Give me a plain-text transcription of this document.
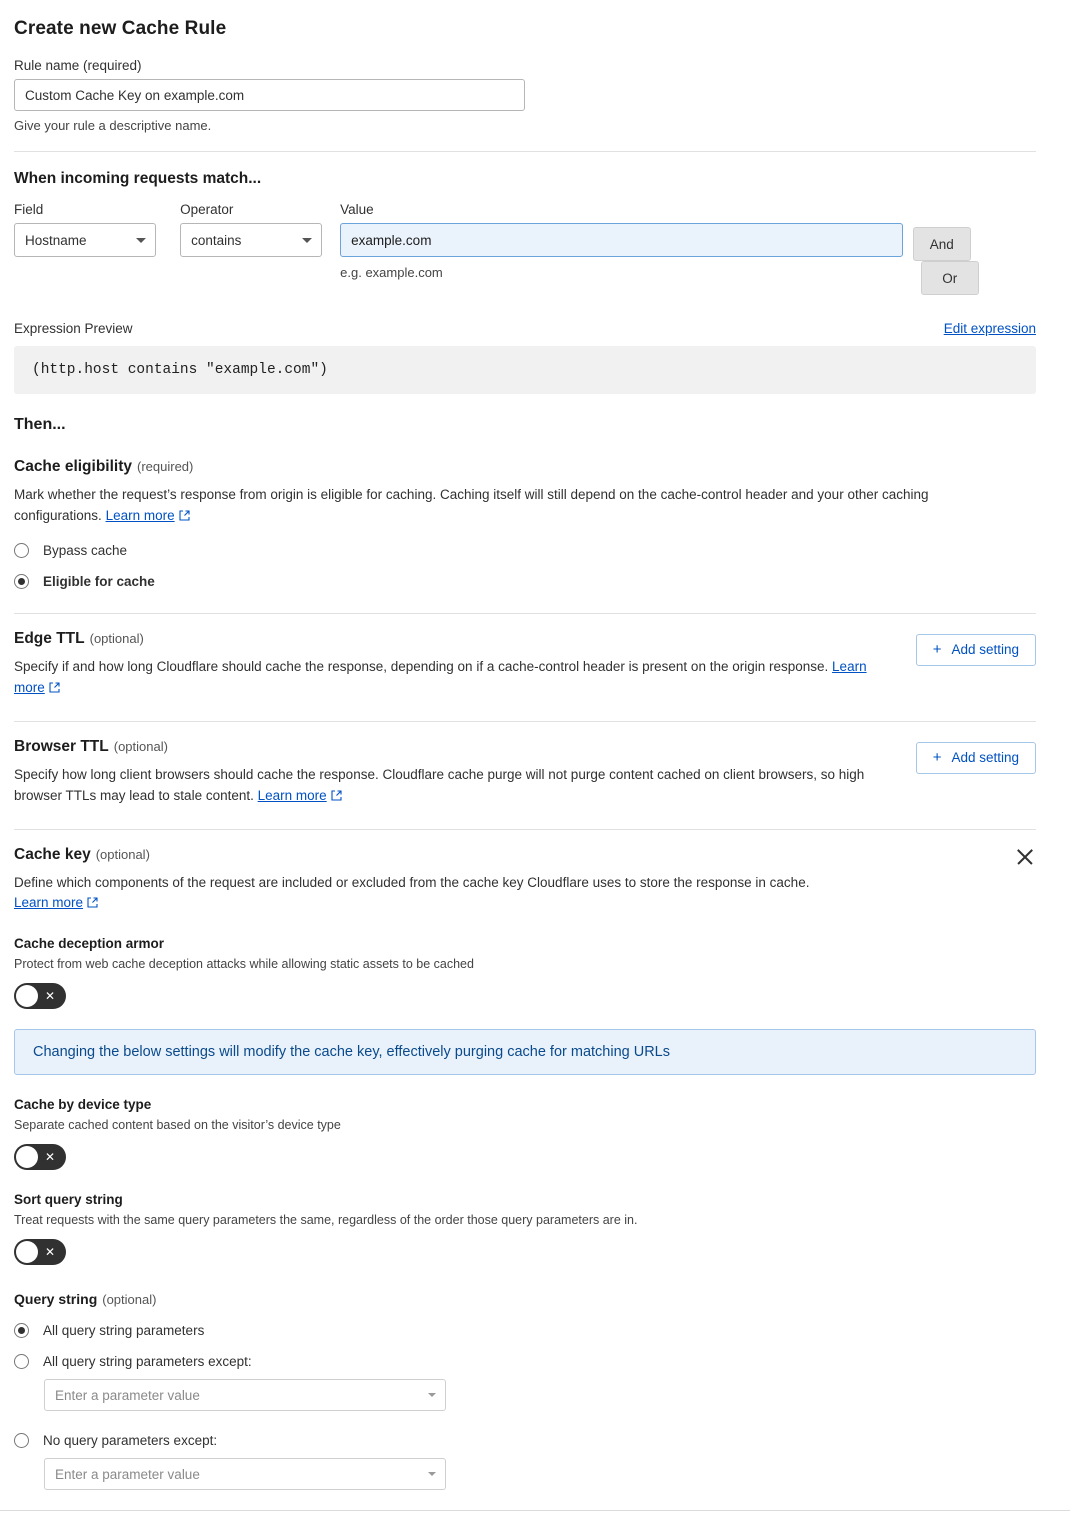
Create new Cache Rule
Rule name (required)
Custom Cache Key on example.com
Give your rule a descriptive name.
When incoming requests match...
Field
Hostname
Operator
contains
Value
example.com
e.g. example.com
And Or
Expression Preview	Edit expression
(http.host contains "example.com")
Then...
Cache eligibility (required)
Mark whether the request’s response from origin is eligible for caching. Caching itself will still depend on the cache-control header and your other caching configurations. Learn more
Bypass cache
Eligible for cache
Edge TTL (optional)
Specify if and how long Cloudflare should cache the response, depending on if a cache-control header is present on the origin response. Learn more
+ Add setting
Browser TTL (optional)
Specify how long client browsers should cache the response. Cloudflare cache purge will not purge content cached on client browsers, so high browser TTLs may lead to stale content. Learn more
+ Add setting
Cache key (optional)
Define which components of the request are included or excluded from the cache key Cloudflare uses to store the response in cache.
Learn more
Cache deception armor
Protect from web cache deception attacks while allowing static assets to be cached
✕
Changing the below settings will modify the cache key, effectively purging cache for matching URLs
Cache by device type
Separate cached content based on the visitor’s device type
✕
Sort query string
Treat requests with the same query parameters the same, regardless of the order those query parameters are in.
✕
Query string (optional)
All query string parameters
All query string parameters except:
Enter a parameter value
No query parameters except:
Enter a parameter value
